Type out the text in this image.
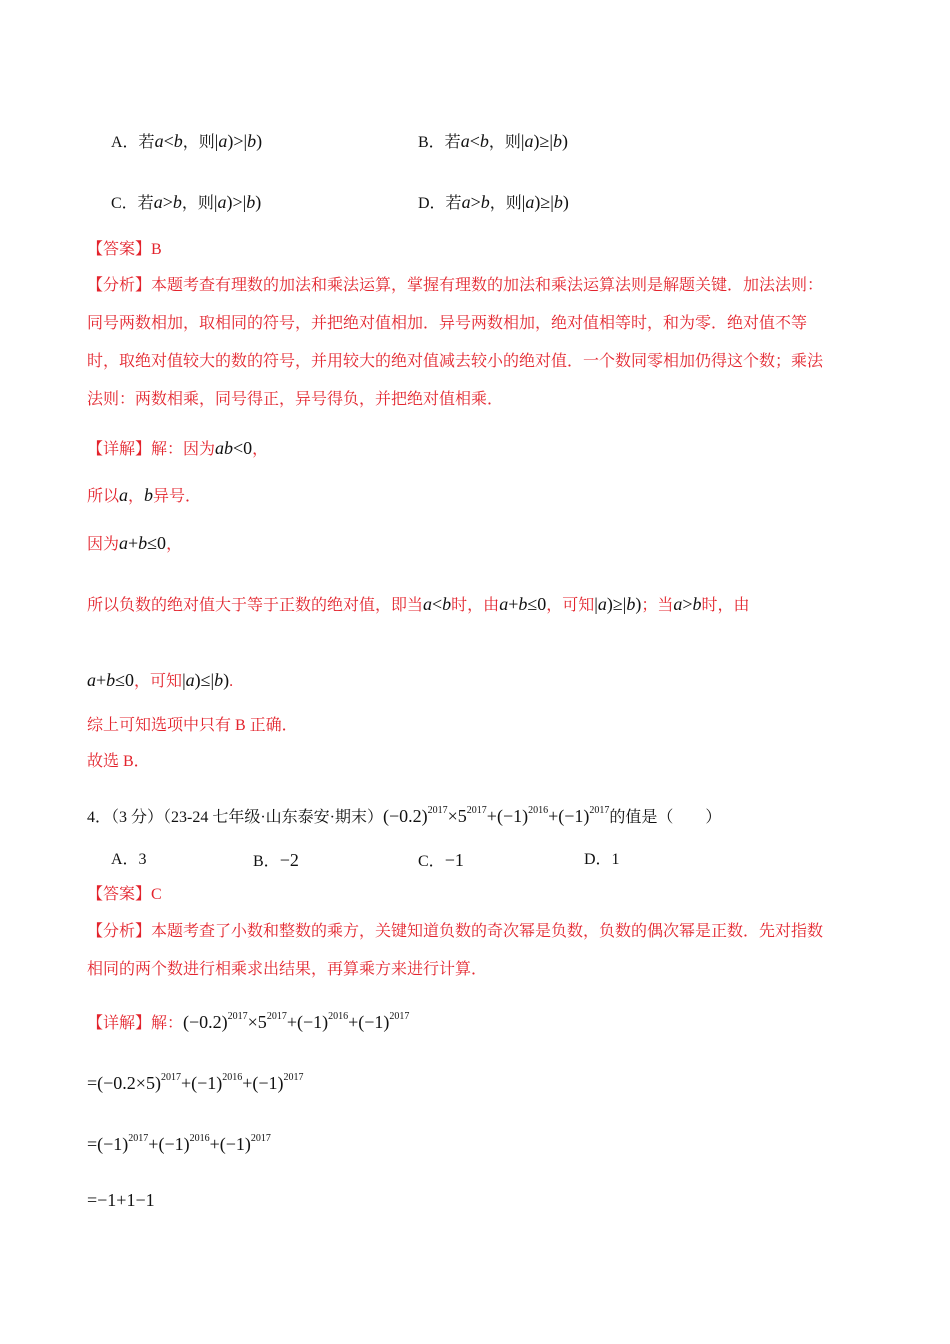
A．若a<b，则|a)>|b)	B．若a<b，则|a)≥|b)
C．若a>b，则|a)>|b)	D．若a>b，则|a)≥|b)
【答案】B
【分析】本题考查有理数的加法和乘法运算，掌握有理数的加法和乘法运算法则是解题关键．加法法则：
同号两数相加，取相同的符号，并把绝对值相加．异号两数相加，绝对值相等时，和为零．绝对值不等
时，取绝对值较大的数的符号，并用较大的绝对值减去较小的绝对值．一个数同零相加仍得这个数；乘法
法则：两数相乘，同号得正，异号得负，并把绝对值相乘．
【详解】解：因为ab<0，
所以a，b异号．
因为a+b≤0，
所以负数的绝对值大于等于正数的绝对值，即当a<b时，由a+b≤0，可知|a)≥|b)；当a>b时，由
a+b≤0，可知|a)≤|b).
综上可知选项中只有 B 正确．
故选 B．
4．（3 分）（23-24 七年级·山东泰安·期末）$(-0.2)^{2017}\times 5^{2017}+(-1)^{2016}+(-1)^{2017}$的值是（　　）
A．3	B．−2	C．−1	D．1
【答案】C
【分析】本题考查了小数和整数的乘方，关键知道负数的奇次幂是负数，负数的偶次幂是正数．先对指数
相同的两个数进行相乘求出结果，再算乘方来进行计算．
【详解】解：$(-0.2)^{2017}\times 5^{2017}+(-1)^{2016}+(-1)^{2017}$
$=(-0.2\times 5)^{2017}+(-1)^{2016}+(-1)^{2017}$
$=(-1)^{2017}+(-1)^{2016}+(-1)^{2017}$
=−1+1−1
